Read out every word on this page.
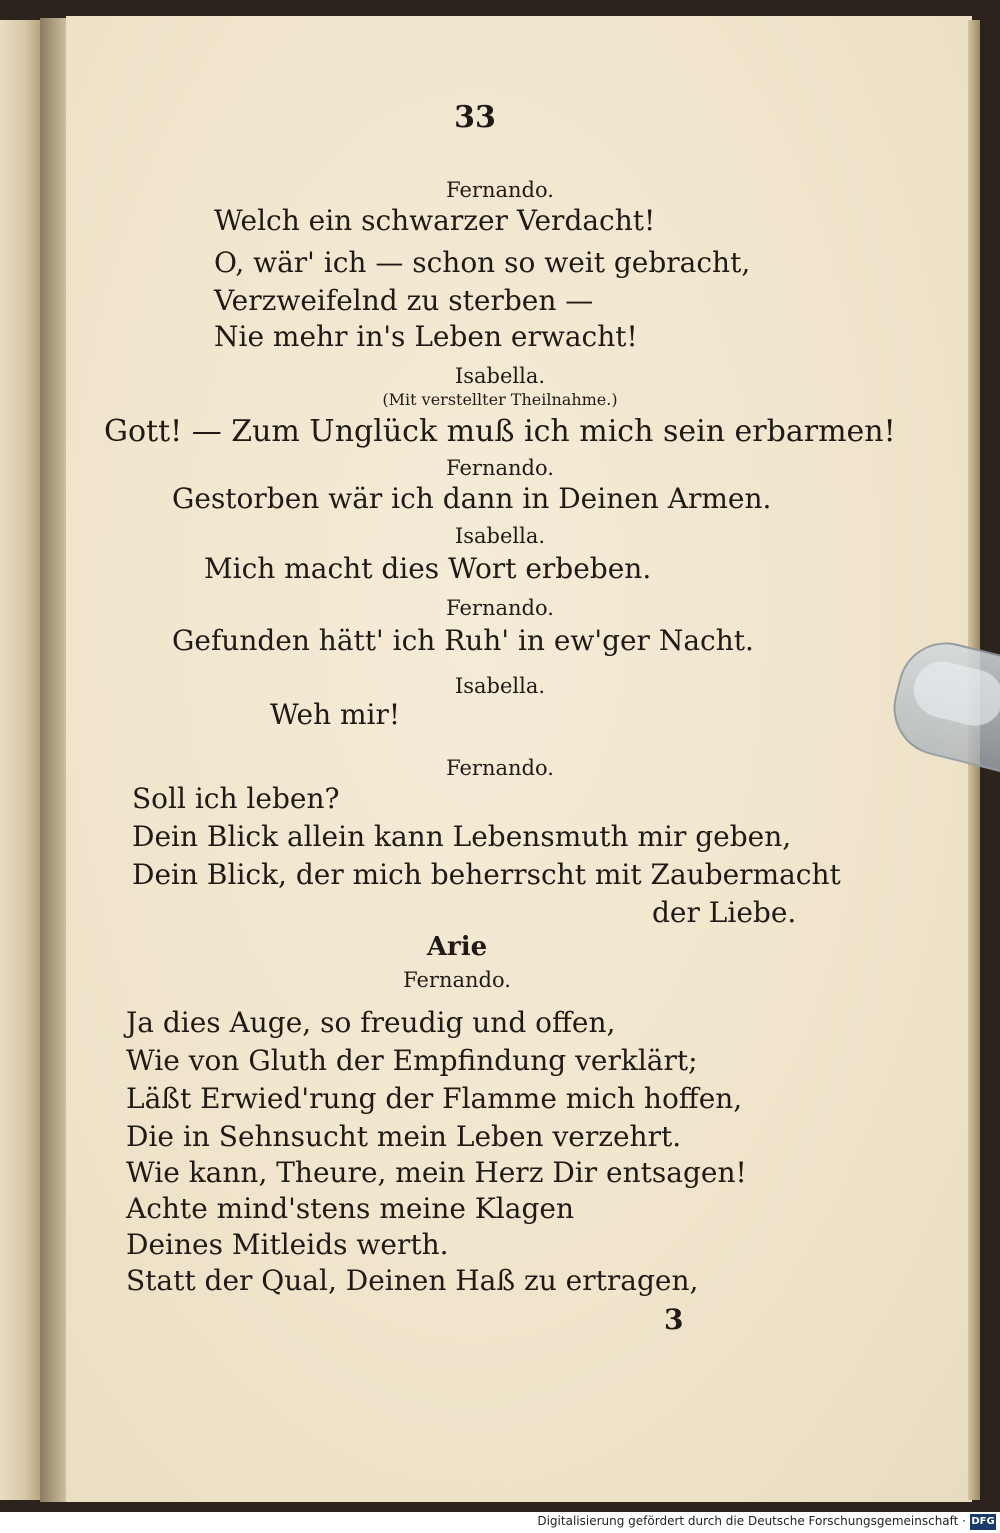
33
Fernando.
Welch ein schwarzer Verdacht!
O, wär' ich — schon so weit gebracht,
Verzweifelnd zu sterben —
Nie mehr in's Leben erwacht!
Isabella.
(Mit verstellter Theilnahme.)
Gott! — Zum Unglück muß ich mich sein erbarmen!
Fernando.
Gestorben wär ich dann in Deinen Armen.
Isabella.
Mich macht dies Wort erbeben.
Fernando.
Gefunden hätt' ich Ruh' in ew'ger Nacht.
Isabella.
Weh mir!
Fernando.
Soll ich leben?
Dein Blick allein kann Lebensmuth mir geben,
Dein Blick, der mich beherrscht mit Zaubermacht
der Liebe.
Arie
Fernando.
Ja dies Auge, so freudig und offen,
Wie von Gluth der Empfindung verklärt;
Läßt Erwied'rung der Flamme mich hoffen,
Die in Sehnsucht mein Leben verzehrt.
Wie kann, Theure, mein Herz Dir entsagen!
Achte mind'stens meine Klagen
Deines Mitleids werth.
Statt der Qual, Deinen Haß zu ertragen,
3
Digitalisierung gefördert durch die Deutsche Forschungsgemeinschaft · DFG
